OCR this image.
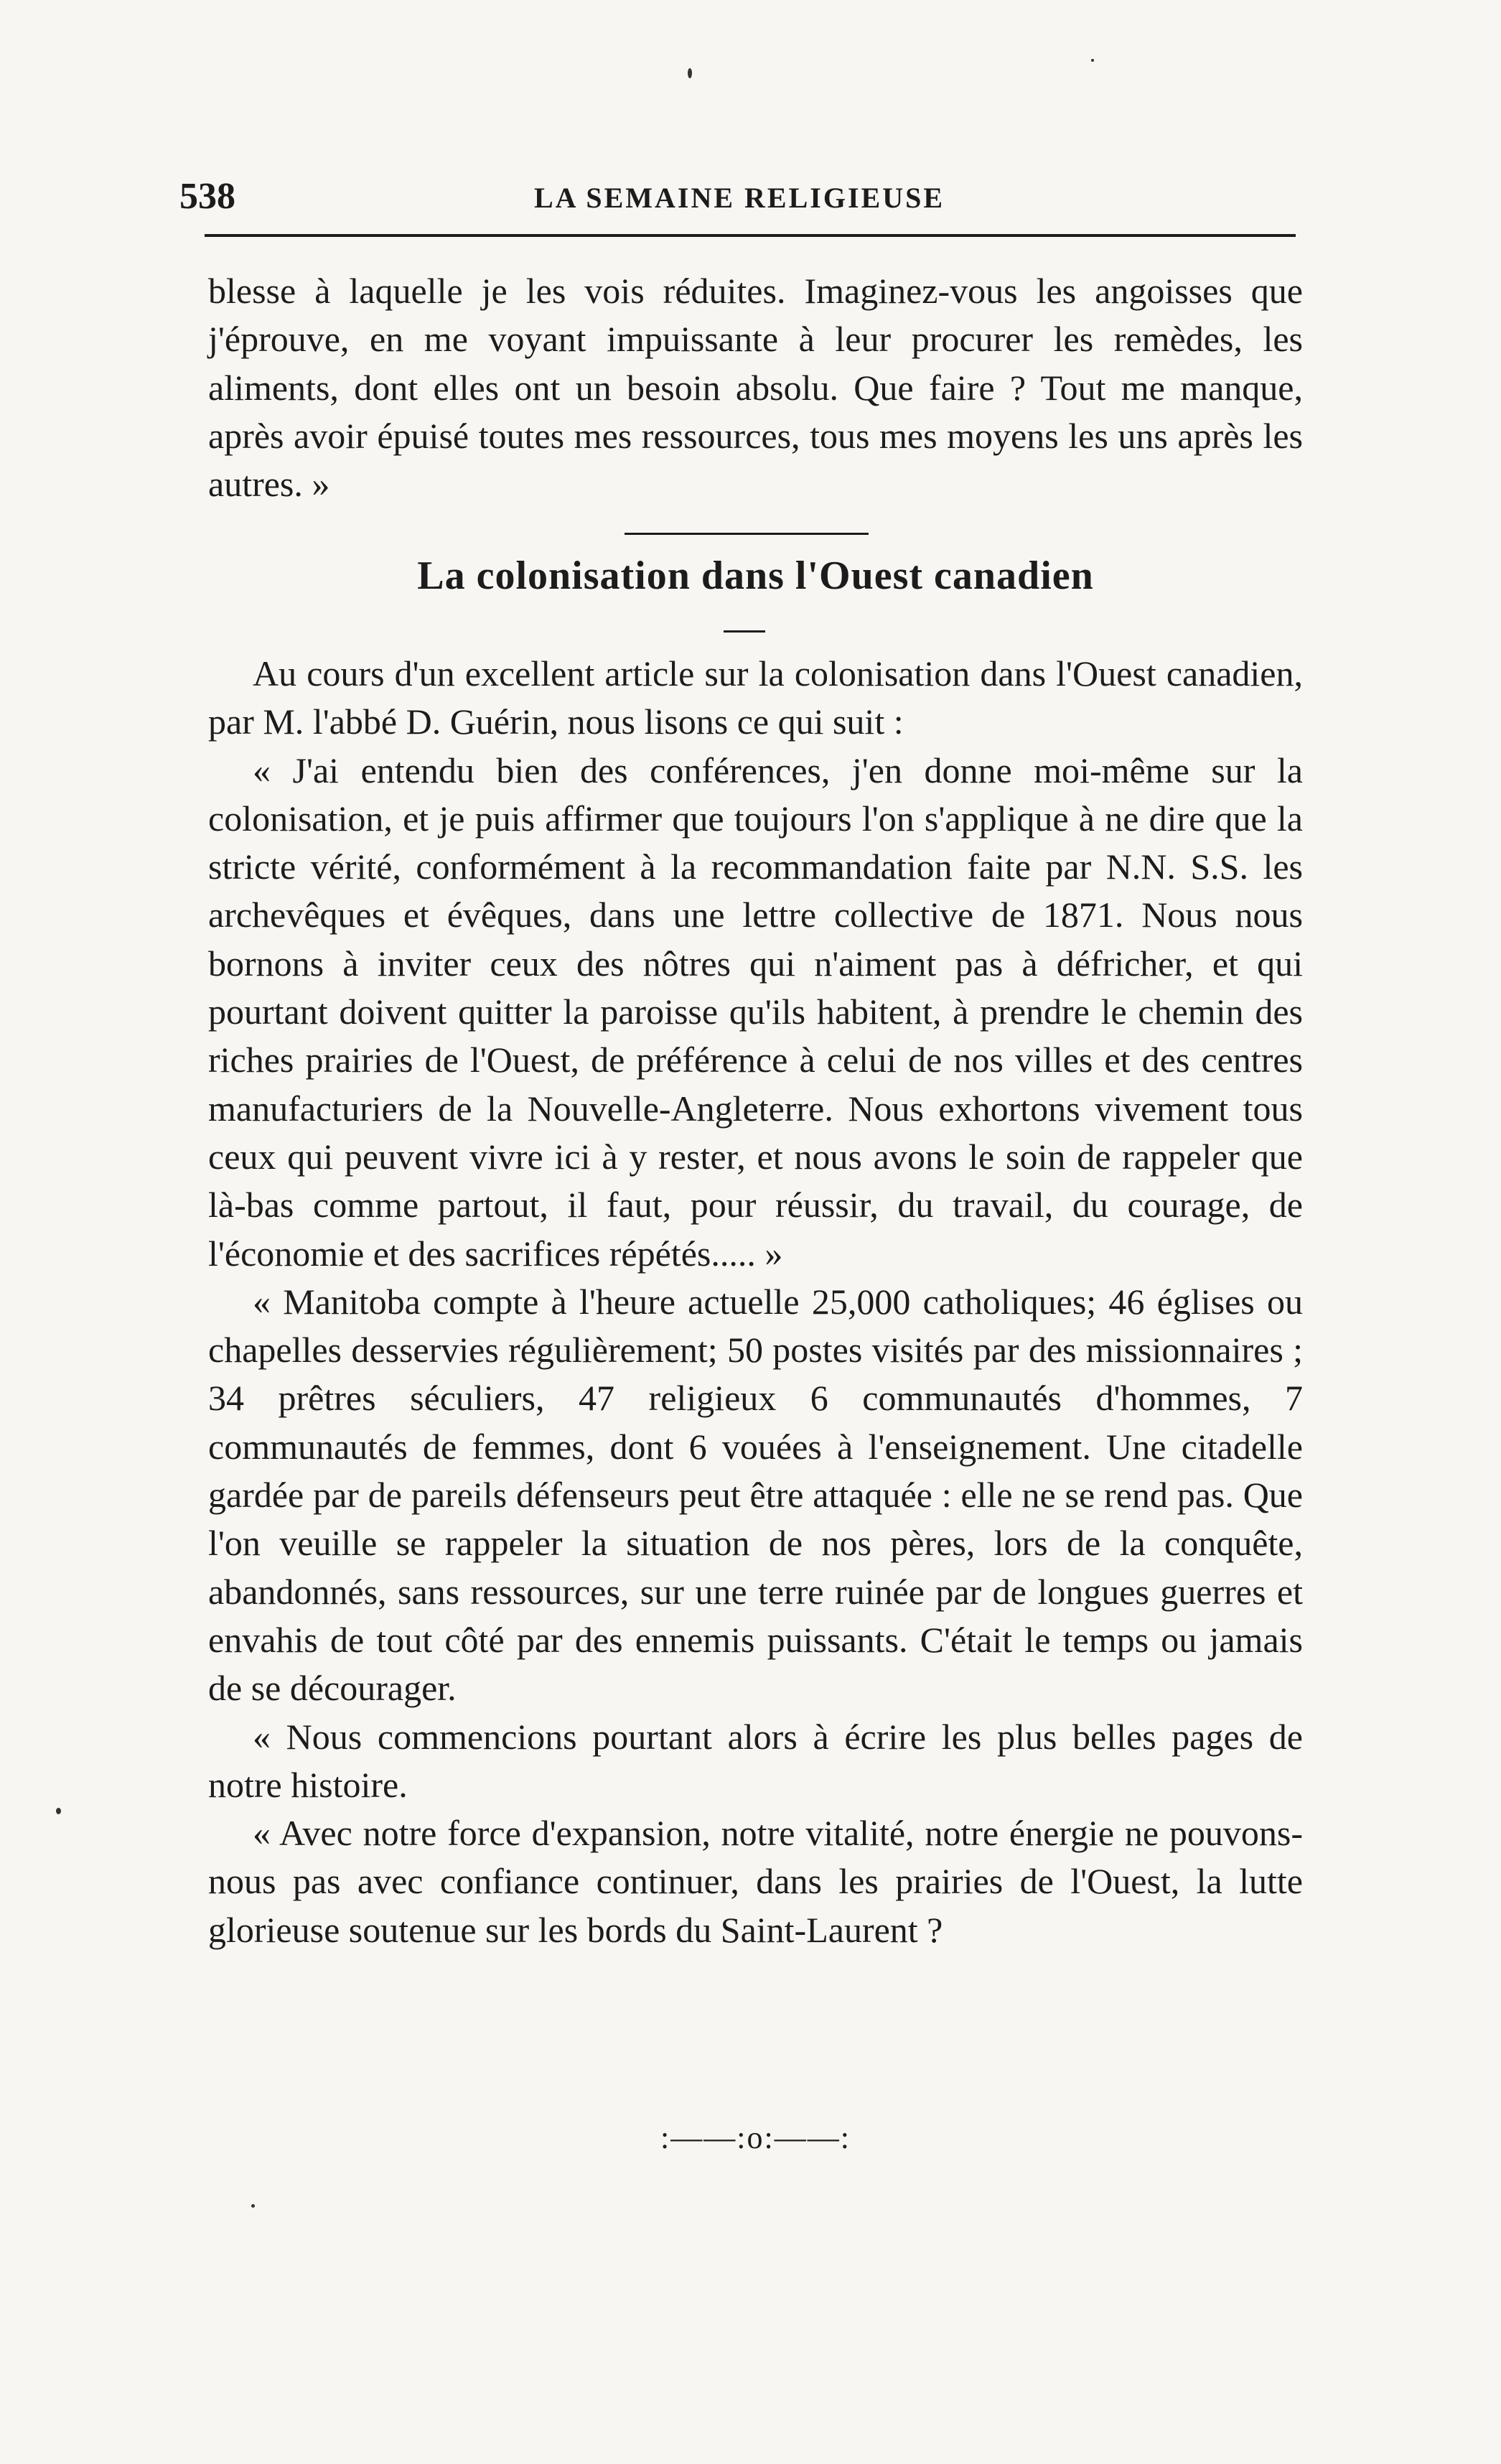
538	LA SEMAINE RELIGIEUSE

blesse à laquelle je les vois réduites. Imaginez-vous les angoisses que j'éprouve, en me voyant impuissante à leur procurer les remèdes, les aliments, dont elles ont un besoin absolu. Que faire ? Tout me manque, après avoir épuisé toutes mes ressources, tous mes moyens les uns après les autres. »

La colonisation dans l'Ouest canadien

Au cours d'un excellent article sur la colonisation dans l'Ouest canadien, par M. l'abbé D. Guérin, nous lisons ce qui suit :

« J'ai entendu bien des conférences, j'en donne moi-même sur la colonisation, et je puis affirmer que toujours l'on s'applique à ne dire que la stricte vérité, conformément à la recommandation faite par N.N. S.S. les archevêques et évêques, dans une lettre collective de 1871. Nous nous bornons à inviter ceux des nôtres qui n'aiment pas à défricher, et qui pourtant doivent quitter la paroisse qu'ils habitent, à prendre le chemin des riches prairies de l'Ouest, de préférence à celui de nos villes et des centres manufacturiers de la Nouvelle-Angleterre. Nous exhortons vivement tous ceux qui peuvent vivre ici à y rester, et nous avons le soin de rappeler que là-bas comme partout, il faut, pour réussir, du travail, du courage, de l'économie et des sacrifices répétés..... »

« Manitoba compte à l'heure actuelle 25,000 catholiques; 46 églises ou chapelles desservies régulièrement; 50 postes visités par des missionnaires ; 34 prêtres séculiers, 47 religieux 6 communautés d'hommes, 7 communautés de femmes, dont 6 vouées à l'enseignement. Une citadelle gardée par de pareils défenseurs peut être attaquée : elle ne se rend pas. Que l'on veuille se rappeler la situation de nos pères, lors de la conquête, abandonnés, sans ressources, sur une terre ruinée par de longues guerres et envahis de tout côté par des ennemis puissants. C'était le temps ou jamais de se décourager.

« Nous commencions pourtant alors à écrire les plus belles pages de notre histoire.

« Avec notre force d'expansion, notre vitalité, notre énergie ne pouvons-nous pas avec confiance continuer, dans les prairies de l'Ouest, la lutte glorieuse soutenue sur les bords du Saint-Laurent ?

:——:o:——:
